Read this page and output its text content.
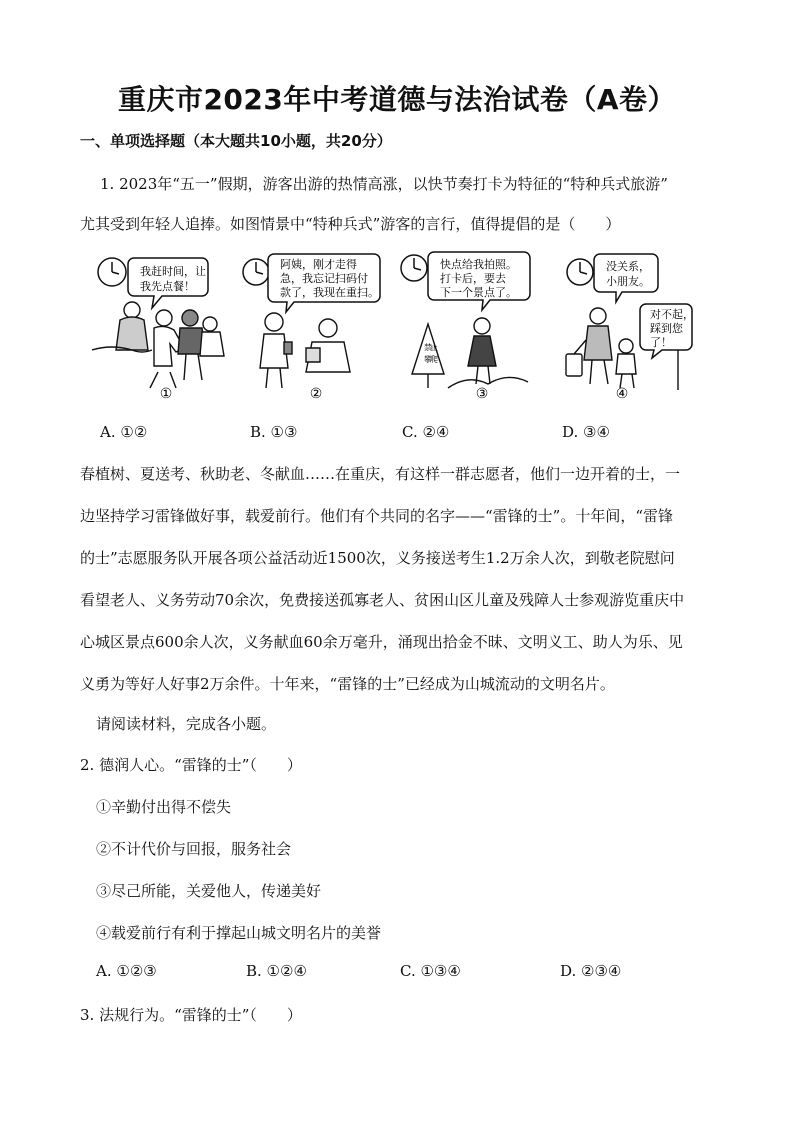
重庆市2023年中考道德与法治试卷（A卷）
一、单项选择题（本大题共10小题，共20分）
1. 2023年“五一”假期，游客出游的热情高涨，以快节奏打卡为特征的“特种兵式旅游”
尤其受到年轻人追捧。如图情景中“特种兵式”游客的言行，值得提倡的是（　　）
我赶时间，让
我先点餐！
①
阿姨，刚才走得
急，我忘记扫码付
款了，我现在重扫。
②
快点给我拍照。
打卡后，要去
下一个景点了。
禁
止
攀
爬
③
没关系，
小朋友。
对不起，
踩到您
了！
④
A. ①②	B. ①③	C. ②④	D. ③④
春植树、夏送考、秋助老、冬献血……在重庆，有这样一群志愿者，他们一边开着的士，一
边坚持学习雷锋做好事，载爱前行。他们有个共同的名字——“雷锋的士”。十年间，“雷锋
的士”志愿服务队开展各项公益活动近1500次，义务接送考生1.2万余人次，到敬老院慰问
看望老人、义务劳动70余次，免费接送孤寡老人、贫困山区儿童及残障人士参观游览重庆中
心城区景点600余人次，义务献血60余万毫升，涌现出拾金不昧、文明义工、助人为乐、见
义勇为等好人好事2万余件。十年来，“雷锋的士”已经成为山城流动的文明名片。
请阅读材料，完成各小题。
2. 德润人心。“雷锋的士”（　　）
①辛勤付出得不偿失
②不计代价与回报，服务社会
③尽己所能，关爱他人，传递美好
④载爱前行有利于撑起山城文明名片的美誉
A. ①②③	B. ①②④	C. ①③④	D. ②③④
3. 法规行为。“雷锋的士”（　　）
